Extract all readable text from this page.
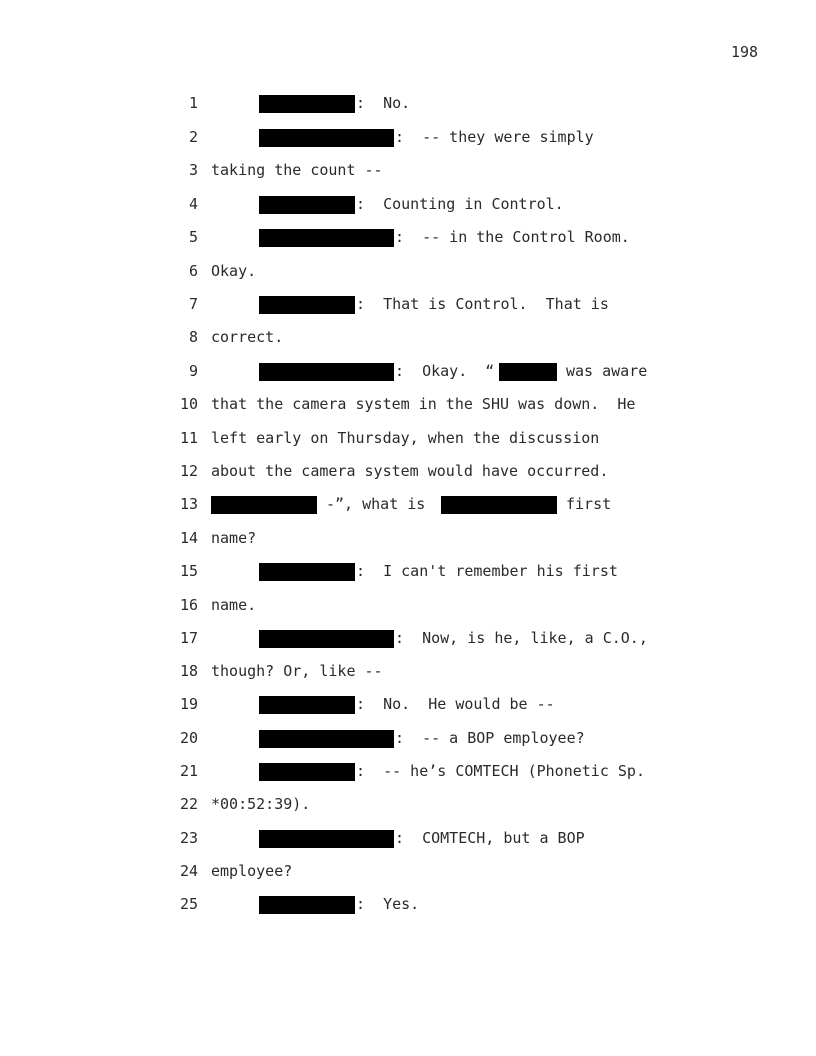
198
1	:  No.
2	:  -- they were simply
3 taking the count --
4	:  Counting in Control.
5	:  -- in the Control Room.
6 Okay.
7	:  That is Control.  That is
8 correct.
9	:  Okay.  “	was aware
10 that the camera system in the SHU was down.  He
11 left early on Thursday, when the discussion
12 about the camera system would have occurred.
13	-”, what is	first
14 name?
15	:  I can't remember his first
16 name.
17	:  Now, is he, like, a C.O.,
18 though? Or, like --
19	:  No.  He would be --
20	:  -- a BOP employee?
21	:  -- he’s COMTECH (Phonetic Sp.
22 *00:52:39).
23	:  COMTECH, but a BOP
24 employee?
25	:  Yes.
